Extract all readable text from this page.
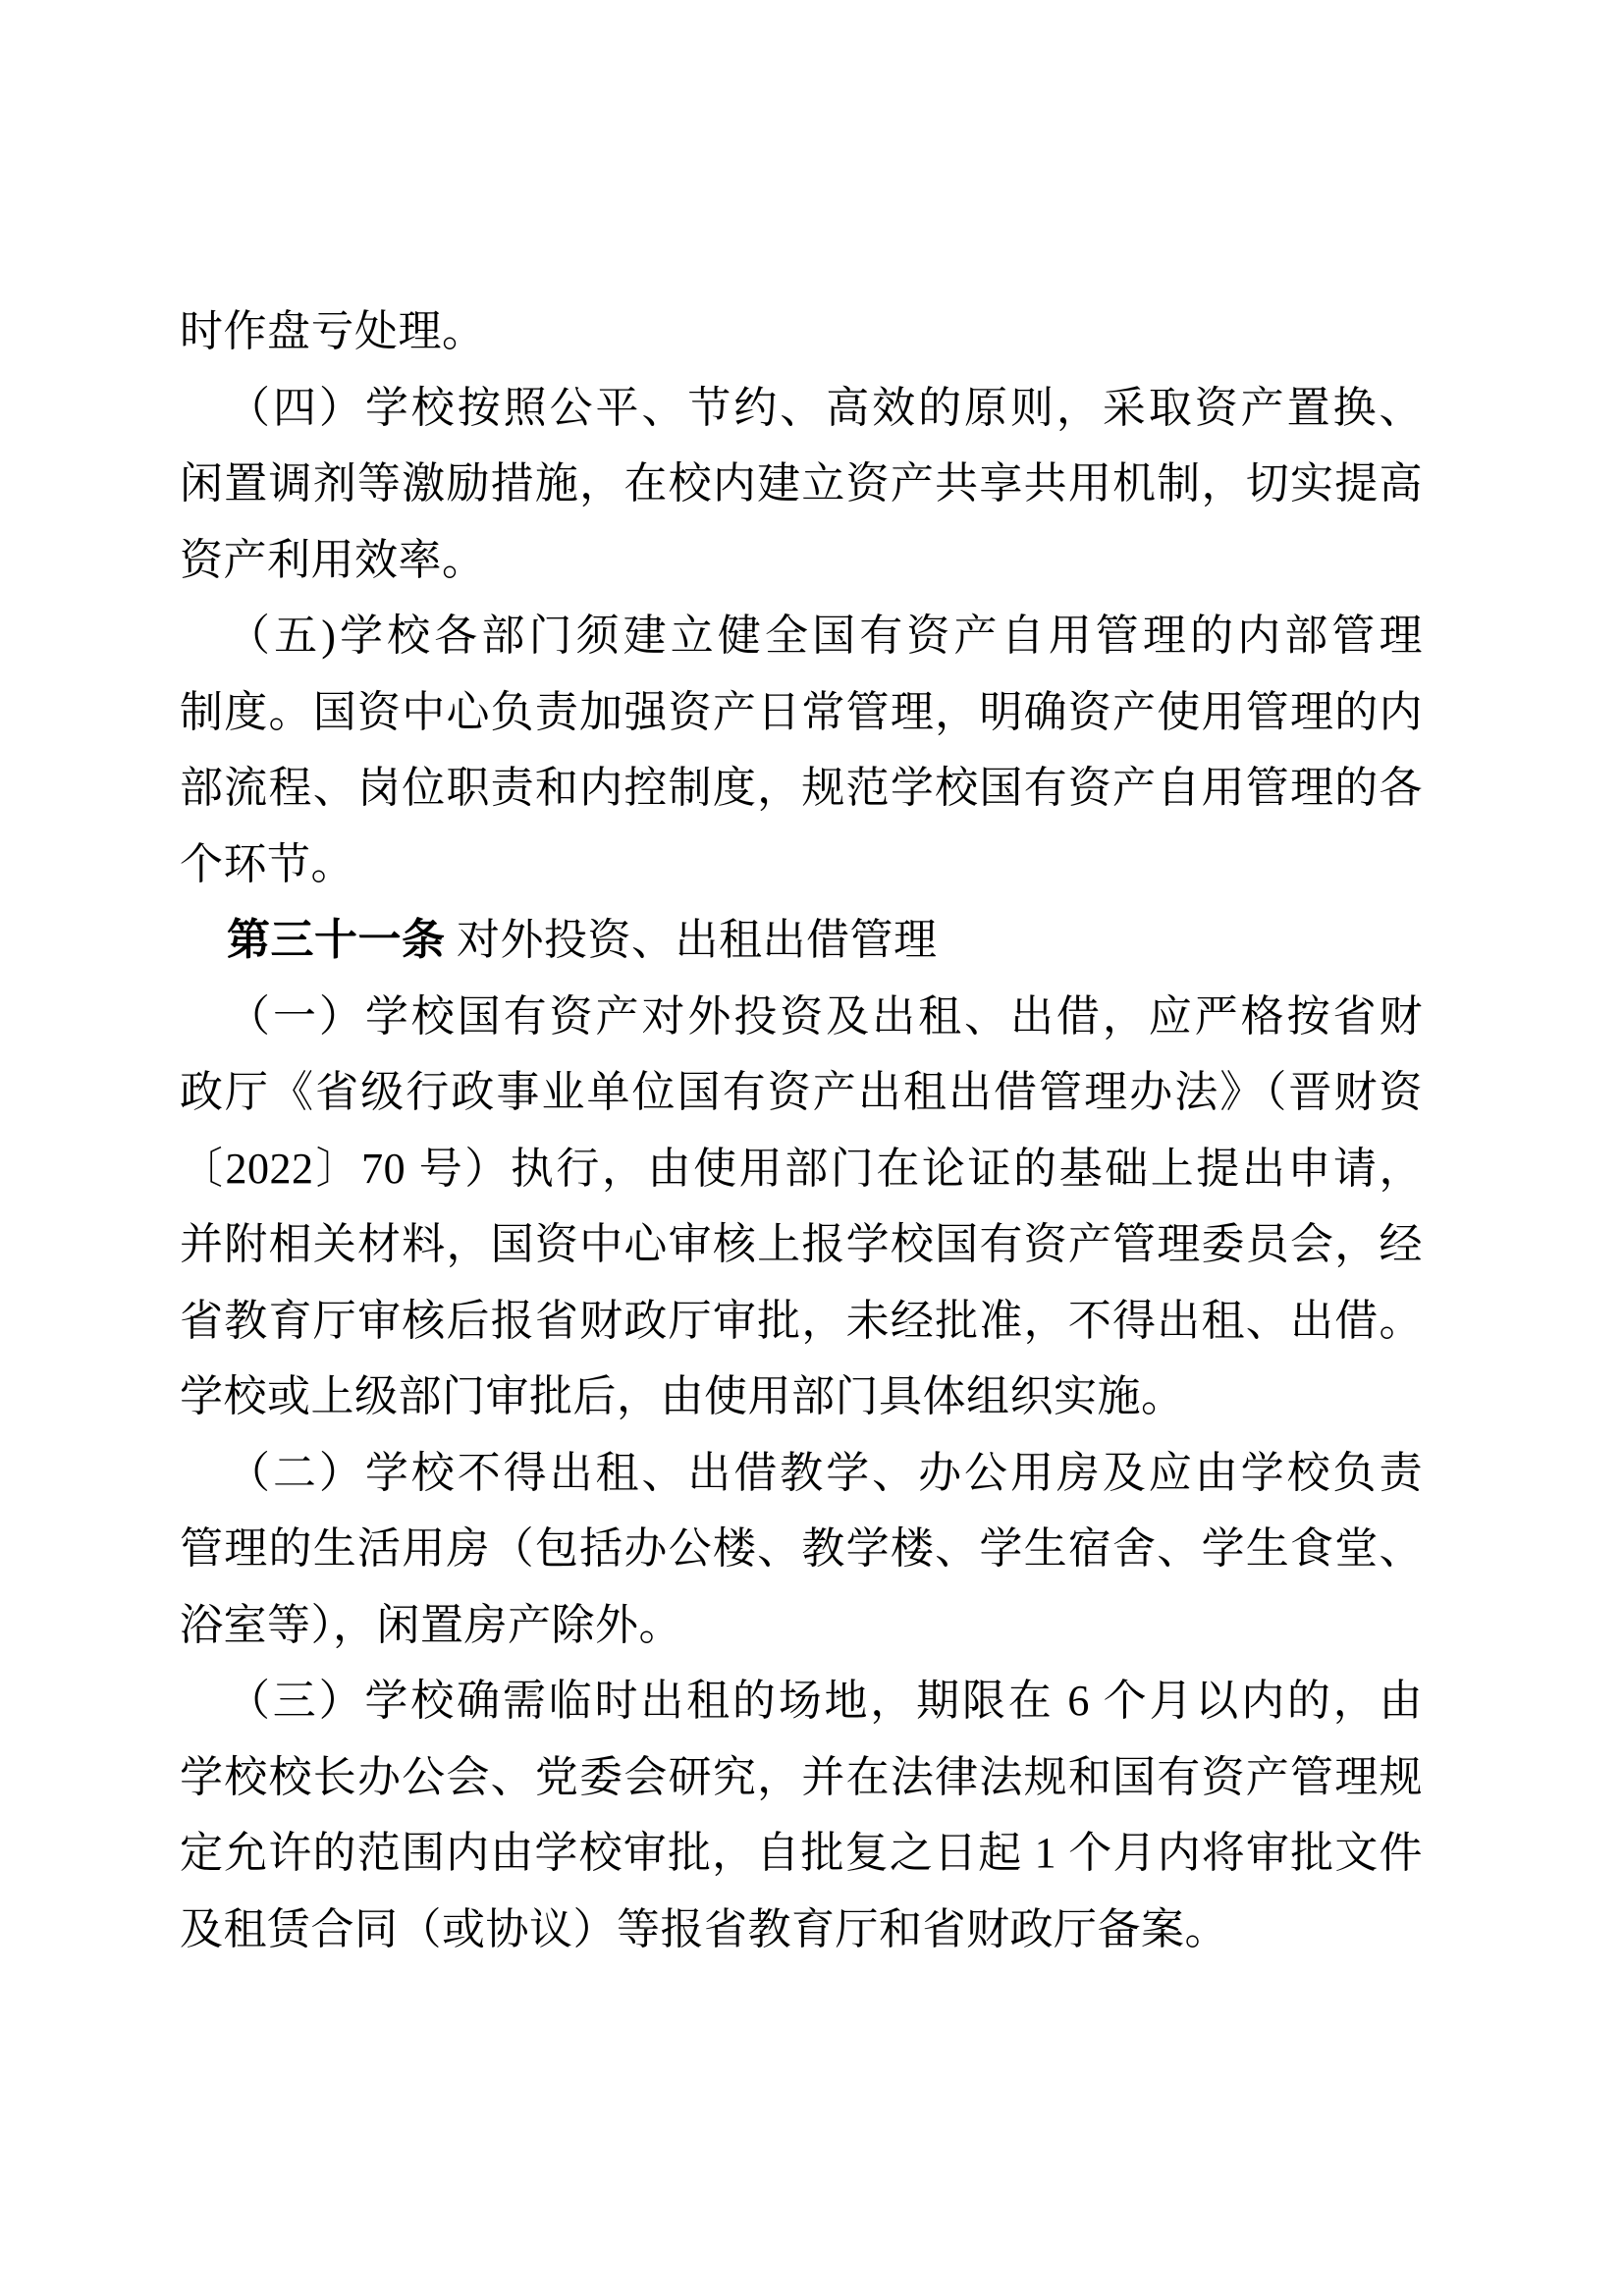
时作盘亏处理。
（四）学校按照公平、节约、高效的原则，采取资产置换、
闲置调剂等激励措施，在校内建立资产共享共用机制，切实提高
资产利用效率。
（五)学校各部门须建立健全国有资产自用管理的内部管理
制度。国资中心负责加强资产日常管理，明确资产使用管理的内
部流程、岗位职责和内控制度，规范学校国有资产自用管理的各
个环节。
第三十一条 对外投资、出租出借管理
（一）学校国有资产对外投资及出租、出借，应严格按省财
政厅《省级行政事业单位国有资产出租出借管理办法》（晋财资
〔2022〕70 号）执行，由使用部门在论证的基础上提出申请，
并附相关材料，国资中心审核上报学校国有资产管理委员会，经
省教育厅审核后报省财政厅审批，未经批准，不得出租、出借。
学校或上级部门审批后，由使用部门具体组织实施。
（二）学校不得出租、出借教学、办公用房及应由学校负责
管理的生活用房（包括办公楼、教学楼、学生宿舍、学生食堂、
浴室等），闲置房产除外。
（三）学校确需临时出租的场地，期限在 6 个月以内的，由
学校校长办公会、党委会研究，并在法律法规和国有资产管理规
定允许的范围内由学校审批，自批复之日起 1 个月内将审批文件
及租赁合同（或协议）等报省教育厅和省财政厅备案。
